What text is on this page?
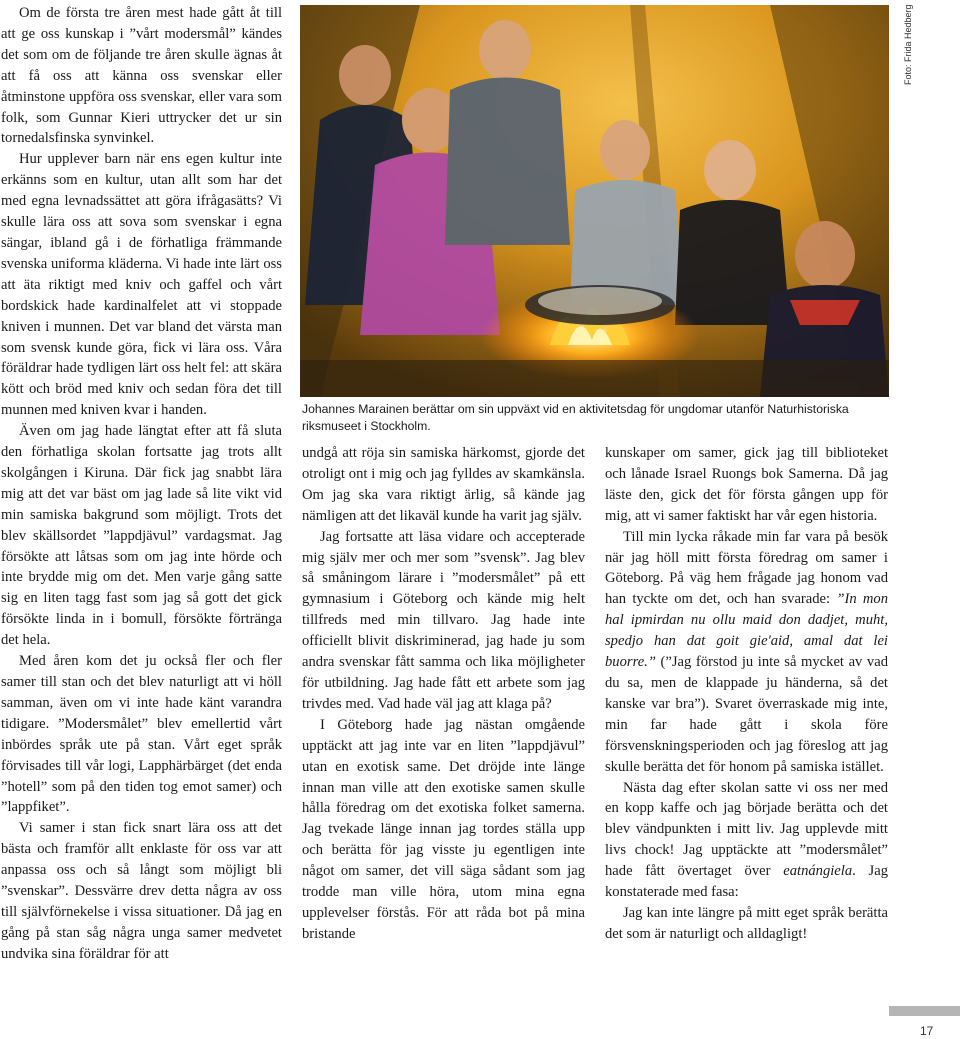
Om de första tre åren mest hade gått åt till att ge oss kunskap i ”vårt modersmål” kändes det som om de följande tre åren skulle ägnas åt att få oss att känna oss svenskar eller åtminstone uppföra oss svenskar, eller vara som folk, som Gunnar Kieri uttrycker det ur sin tornedalsfinska synvinkel.

Hur upplever barn när ens egen kultur inte erkänns som en kultur, utan allt som har det med egna levnadssättet att göra ifrågasätts? Vi skulle lära oss att sova som svenskar i egna sängar, ibland gå i de förhatliga främmande svenska uniforma kläderna. Vi hade inte lärt oss att äta riktigt med kniv och gaffel och vårt bordskick hade kardinalfelet att vi stoppade kniven i munnen. Det var bland det värsta man som svensk kunde göra, fick vi lära oss. Våra föräldrar hade tydligen lärt oss helt fel: att skära kött och bröd med kniv och sedan föra det till munnen med kniven kvar i handen.

Även om jag hade längtat efter att få sluta den förhatliga skolan fortsatte jag trots allt skolgången i Kiruna. Där fick jag snabbt lära mig att det var bäst om jag lade så lite vikt vid min samiska bakgrund som möjligt. Trots det blev skällsordet ”lappdjävul” vardagsmat. Jag försökte att låtsas som om jag inte hörde och inte brydde mig om det. Men varje gång satte sig en liten tagg fast som jag så gott det gick försökte linda in i bomull, försökte förtränga det hela.

Med åren kom det ju också fler och fler samer till stan och det blev naturligt att vi höll samman, även om vi inte hade känt varandra tidigare. ”Modersmålet” blev emellertid vårt inbördes språk ute på stan. Vårt eget språk förvisades till vår logi, Lapphärbärget (det enda ”hotell” som på den tiden tog emot samer) och ”lappfiket”.

Vi samer i stan fick snart lära oss att det bästa och framför allt enklaste för oss var att anpassa oss och så långt som möjligt bli ”svenskar”. Dessvärre drev detta några av oss till självförnekelse i vissa situationer. Då jag en gång på stan såg några unga samer medvetet undvika sina föräldrar för att

Foto: Frida Hedberg
Johannes Marainen berättar om sin uppväxt vid en aktivitetsdag för ungdomar utanför Naturhistoriska riksmuseet i Stockholm.

undgå att röja sin samiska härkomst, gjorde det otroligt ont i mig och jag fylldes av skamkänsla. Om jag ska vara riktigt ärlig, så kände jag nämligen att det likaväl kunde ha varit jag själv.

Jag fortsatte att läsa vidare och accepterade mig själv mer och mer som ”svensk”. Jag blev så småningom lärare i ”modersmålet” på ett gymnasium i Göteborg och kände mig helt tillfreds med min tillvaro. Jag hade inte officiellt blivit diskriminerad, jag hade ju som andra svenskar fått samma och lika möjligheter för utbildning. Jag hade fått ett arbete som jag trivdes med. Vad hade väl jag att klaga på?

I Göteborg hade jag nästan omgående upptäckt att jag inte var en liten ”lappdjävul” utan en exotisk same. Det dröjde inte länge innan man ville att den exotiske samen skulle hålla föredrag om det exotiska folket samerna. Jag tvekade länge innan jag tordes ställa upp och berätta för jag visste ju egentligen inte något om samer, det vill säga sådant som jag trodde man ville höra, utom mina egna upplevelser förstås. För att råda bot på mina bristande

kunskaper om samer, gick jag till biblioteket och lånade Israel Ruongs bok Samerna. Då jag läste den, gick det för första gången upp för mig, att vi samer faktiskt har vår egen historia.

Till min lycka råkade min far vara på besök när jag höll mitt första föredrag om samer i Göteborg. På väg hem frågade jag honom vad han tyckte om det, och han svarade: ”In mon hal ipmirdan nu ollu maid don dadjet, muht, spedjo han dat goit gie'aid, amal dat lei buorre.” (”Jag förstod ju inte så mycket av vad du sa, men de klappade ju händerna, så det kanske var bra”). Svaret överraskade mig inte, min far hade gått i skola före försvenskningsperioden och jag föreslog att jag skulle berätta det för honom på samiska istället.

Nästa dag efter skolan satte vi oss ner med en kopp kaffe och jag började berätta och det blev vändpunkten i mitt liv. Jag upplevde mitt livs chock! Jag upptäckte att ”modersmålet” hade fått övertaget över eatnángiela. Jag konstaterade med fasa:

Jag kan inte längre på mitt eget språk berätta det som är naturligt och alldagligt!

17
